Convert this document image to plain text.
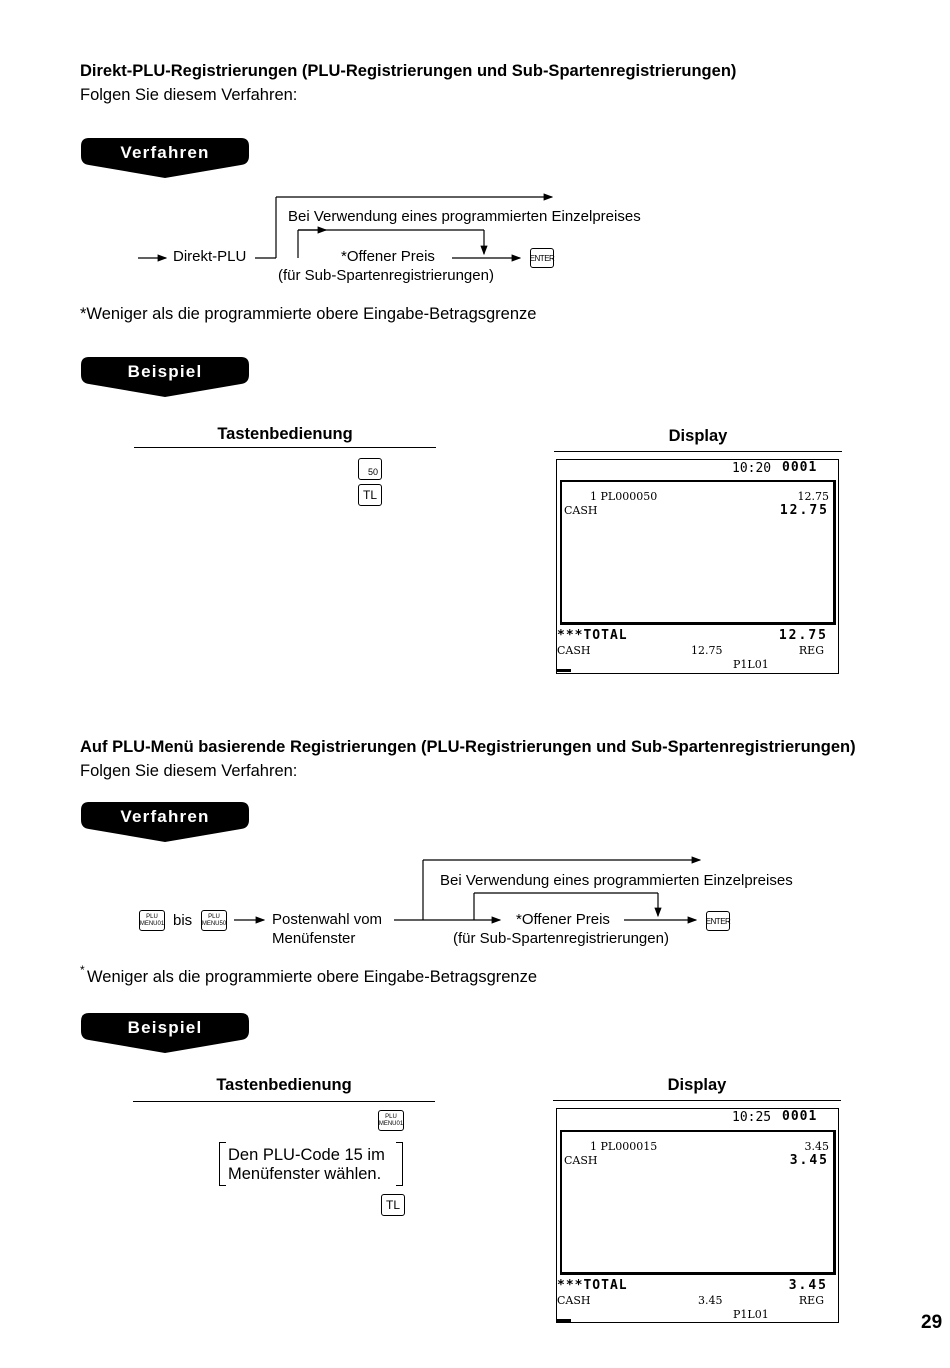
Direkt-PLU-Registrierungen (PLU-Registrierungen und Sub-Spartenregistrierungen)
Folgen Sie diesem Verfahren:
Verfahren
Bei Verwendung eines programmierten Einzelpreises
Direkt-PLU	*Offener Preis
(für Sub-Spartenregistrierungen)
ENTER
*Weniger als die programmierte obere Eingabe-Betragsgrenze
Beispiel
Tastenbedienung	Display
50
TL
10:20 0001
1 PL000050	12.75
CASH	12.75
***TOTAL	12.75
CASH	12.75	REG
P1L01
Auf PLU-Menü basierende Registrierungen (PLU-Registrierungen und Sub-Spartenregistrierungen)
Folgen Sie diesem Verfahren:
Verfahren
PLU
MENU01 bis	PLU
MENU50	Postenwahl vom
Menüfenster
Bei Verwendung eines programmierten Einzelpreises
*Offener Preis
(für Sub-Spartenregistrierungen)
ENTER
* Weniger als die programmierte obere Eingabe-Betragsgrenze
Beispiel
Tastenbedienung	Display
PLU
MENU01
Den PLU-Code 15 im
Menüfenster wählen.
TL
10:25 0001
1 PL000015	3.45
CASH	3.45
***TOTAL	3.45
CASH	3.45	REG
P1L01	29
